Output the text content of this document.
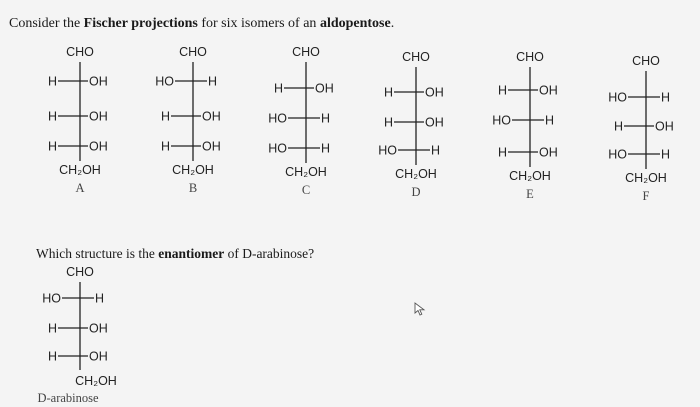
Consider the Fischer projections for six isomers of an aldopentose.
CHO
H	OH
H	OH
H	OH
CH₂OH
A
CHO
HO	H
H	OH
H	OH
CH₂OH
B
CHO
H	OH
HO	H
HO	H
CH₂OH
C
CHO
H	OH
H	OH
HO	H
CH₂OH
D
CHO
H	OH
HO	H
H	OH
CH₂OH
E
CHO
HO	H
H	OH
HO	H
CH₂OH
F
CHO
HO	H
H	OH
H	OH
CH₂OH
D-arabinose
Which structure is the enantiomer of D-arabinose?
